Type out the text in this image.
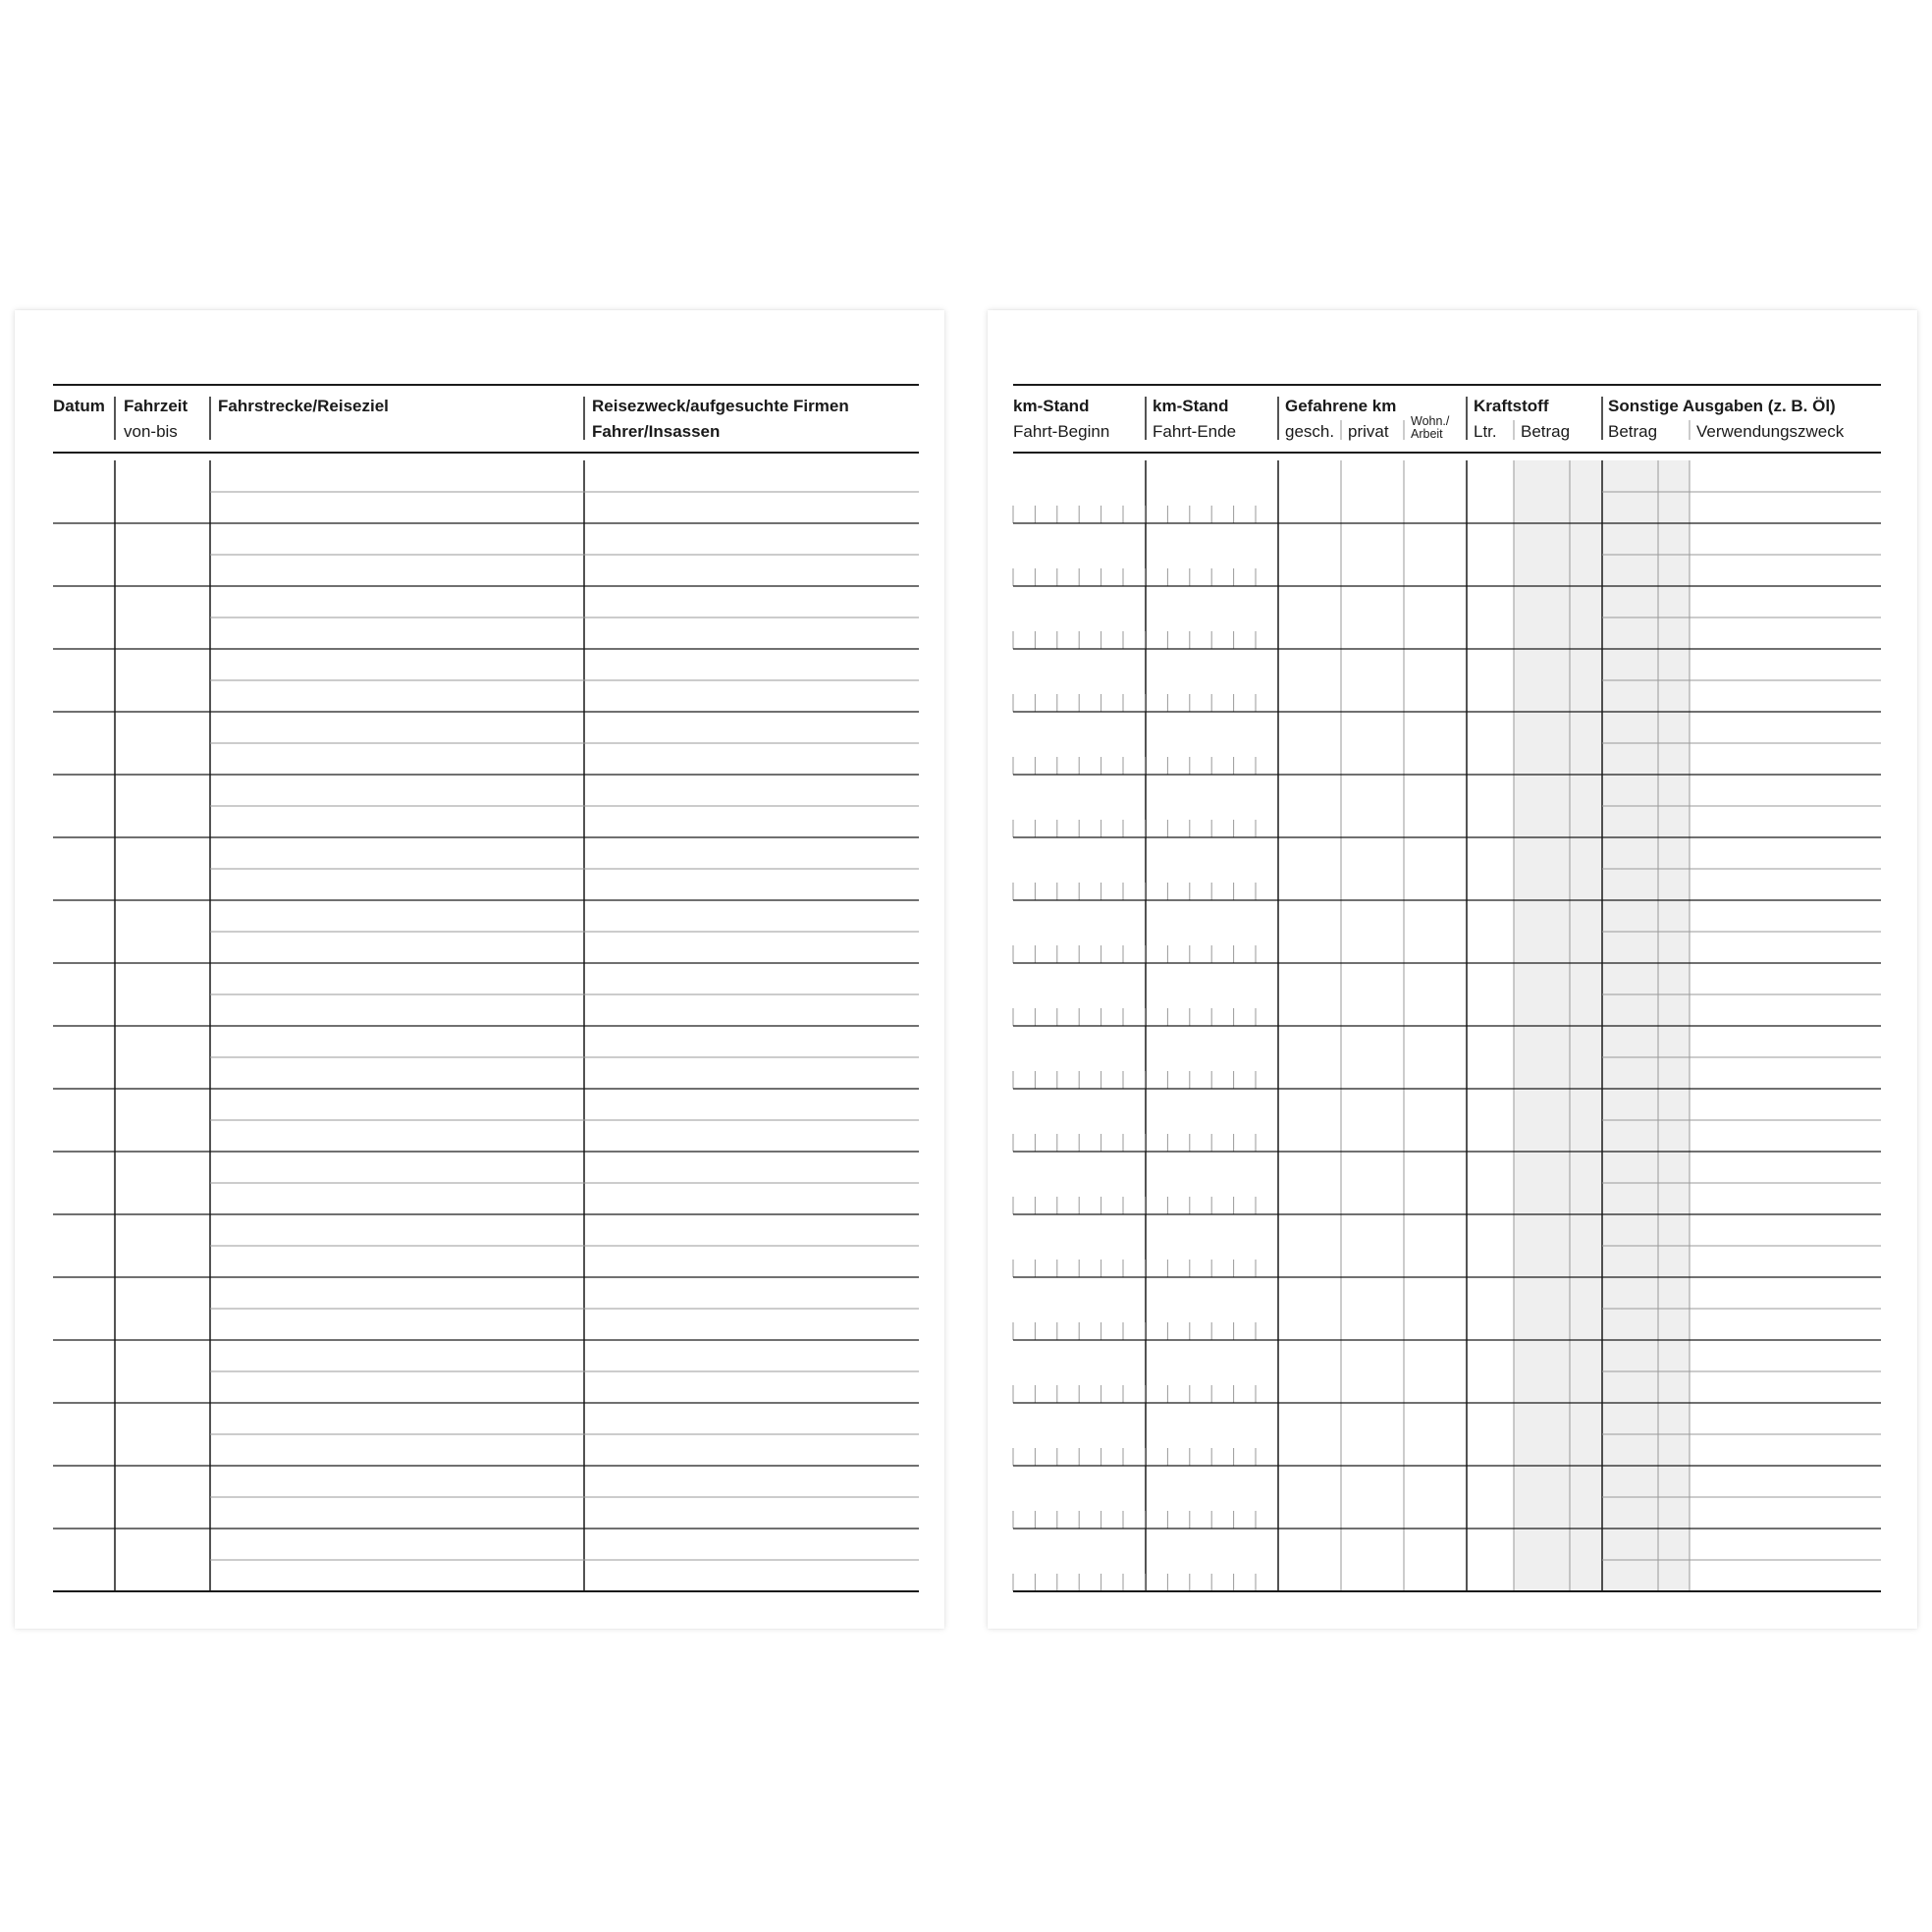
Datum Fahrzeit
von-bis
Fahrstrecke/Reiseziel	Reisezweck/aufgesuchte Firmen
Fahrer/Insassen
km-Stand
Fahrt-Beginn
km-Stand
Fahrt-Ende
Gefahrene km
gesch. privat
Wohn./
Arbeit
Kraftstoff
Ltr. Betrag
Sonstige Ausgaben (z. B. Öl)
Betrag Verwendungszweck
